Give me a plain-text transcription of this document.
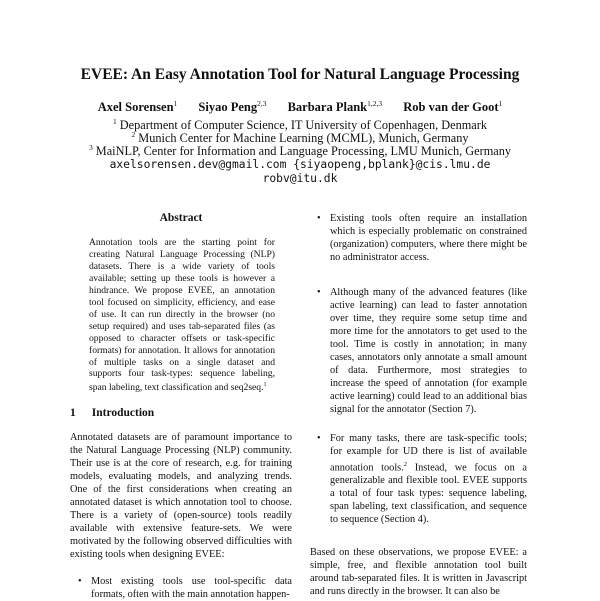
EVEE: An Easy Annotation Tool for Natural Language Processing
Axel Sorensen$^1$ Siyao Peng$^{2,3}$ Barbara Plank$^{1,2,3}$ Rob van der Goot$^1$
$^1$ Department of Computer Science, IT University of Copenhagen, Denmark
$^2$ Munich Center for Machine Learning (MCML), Munich, Germany
$^3$ MaiNLP, Center for Information and Language Processing, LMU Munich, Germany
axelsorensen.dev@gmail.com {siyaopeng,bplank}@cis.lmu.de
robv@itu.dk
Abstract
Annotation tools are the starting point for creating Natural Language Processing (NLP) datasets. There is a wide variety of tools available; setting up these tools is however a hindrance. We propose EVEE, an annotation tool focused on simplicity, efficiency, and ease of use. It can run directly in the browser (no setup required) and uses tab-separated files (as opposed to character offsets or task-specific formats) for annotation. It allows for annotation of multiple tasks on a single dataset and supports four task-types: sequence labeling, span labeling, text classification and seq2seq.$^1$
1 Introduction
Annotated datasets are of paramount importance to the Natural Language Processing (NLP) community. Their use is at the core of research, e.g. for training models, evaluating models, and analyzing trends. One of the first considerations when creating an annotated dataset is which annotation tool to choose. There is a variety of (open-source) tools readily available with extensive feature-sets. We were motivated by the following observed difficulties with existing tools when designing EVEE:
• Most existing tools use tool-specific data formats, often with the main annotation happen-
• Existing tools often require an installation which is especially problematic on constrained (organization) computers, where there might be no administrator access.
• Although many of the advanced features (like active learning) can lead to faster annotation over time, they require some setup time and more time for the annotators to get used to the tool. Time is costly in annotation; in many cases, annotators only annotate a small amount of data. Furthermore, most strategies to increase the speed of annotation (for example active learning) could lead to an additional bias signal for the annotator (Section 7).
• For many tasks, there are task-specific tools; for example for UD there is list of available annotation tools.$^2$ Instead, we focus on a generalizable and flexible tool. EVEE supports a total of four task types: sequence labeling, span labeling, text classification, and sequence to sequence (Section 4).
Based on these observations, we propose EVEE: a simple, free, and flexible annotation tool built around tab-separated files. It is written in Javascript and runs directly in the browser. It can also be
